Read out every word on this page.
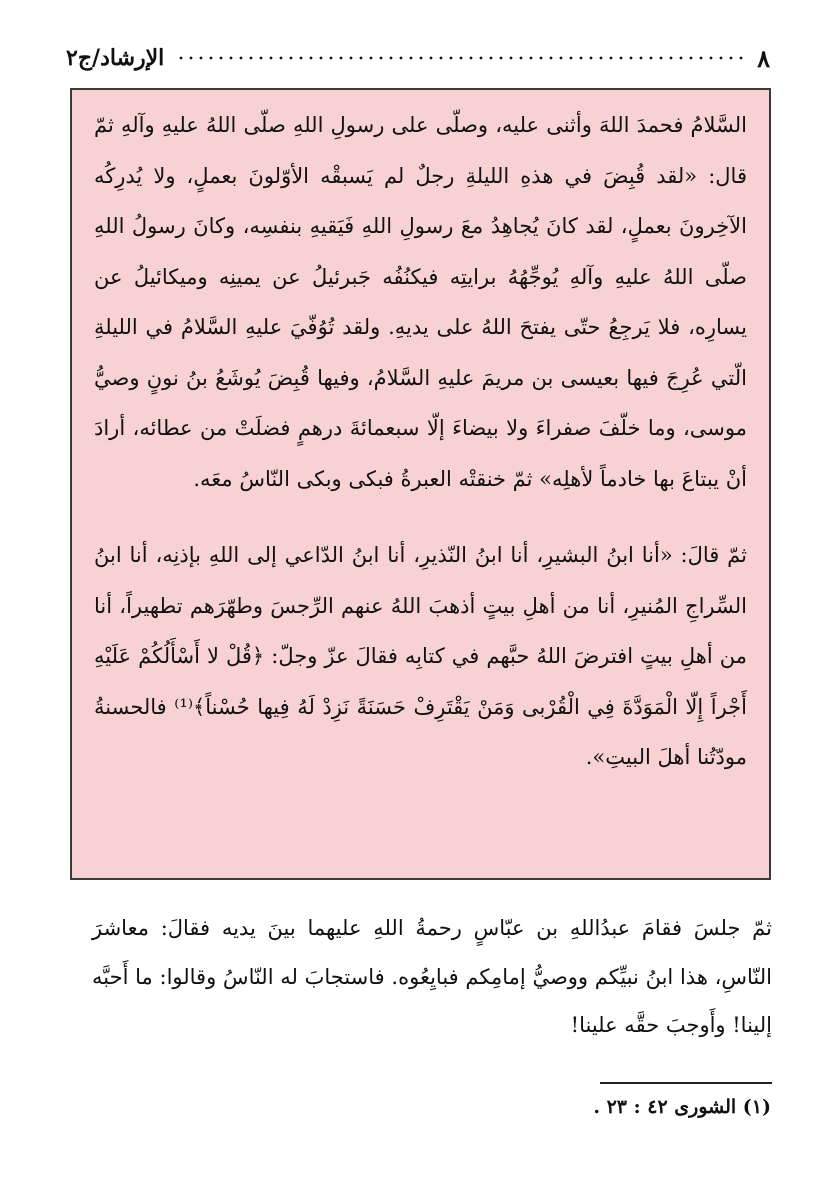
٨
الإرشاد/ج٢

السَّلامُ فحمدَ اللهَ وأثنى عليه، وصلّى على رسولِ اللهِ صلّى اللهُ عليهِ وآلهِ ثمّ قال: «لقد قُبِضَ في هذهِ الليلةِ رجلٌ لم يَسبقْه الأوّلونَ بعملٍ، ولا يُدرِكُه الآخِرونَ بعملٍ، لقد كانَ يُجاهِدُ معَ رسولِ اللهِ فَيَقيهِ بنفسِه، وكانَ رسولُ اللهِ صلّى اللهُ عليهِ وآلهِ يُوجِّهُهُ برايتِه فيكنُفُه جَبرئيلُ عن يمينِه وميكائيلُ عن يسارِه، فلا يَرجِعُ حتّى يفتحَ اللهُ على يديهِ. ولقد تُوُفّيَ عليهِ السَّلامُ في الليلةِ الّتي عُرِجَ فيها بعيسى بن مريمَ عليهِ السَّلامُ، وفيها قُبِضَ يُوشَعُ بنُ نونٍ وصيُّ موسى، وما خلّفَ صفراءَ ولا بيضاءَ إلّا سبعمائةَ درهمٍ فضلَتْ من عطائه، أرادَ أنْ يبتاعَ بها خادماً لأهلِه» ثمّ خنقتْه العبرةُ فبكى وبكى النّاسُ معَه.

ثمّ قالَ: «أنا ابنُ البشيرِ، أنا ابنُ النّذيرِ، أنا ابنُ الدّاعي إلى اللهِ بإذنِه، أنا ابنُ السِّراجِ المُنيرِ، أنا من أهلِ بيتٍ أذهبَ اللهُ عنهم الرِّجسَ وطهّرَهم تطهيراً، أنا من أهلِ بيتٍ افترضَ اللهُ حبَّهم في كتابِه فقالَ عزّ وجلّ: ﴿قُلْ لا أَسْأَلُكُمْ عَلَيْهِ أَجْراً إِلّا الْمَوَدَّةَ فِي الْقُرْبى وَمَنْ يَقْتَرِفْ حَسَنَةً نَزِدْ لَهُ فِيها حُسْناً﴾⁽¹⁾ فالحسنةُ مودّتُنا أهلَ البيتِ».

ثمّ جلسَ فقامَ عبدُاللهِ بن عبّاسٍ رحمةُ اللهِ عليهما بينَ يديه فقالَ: معاشرَ النّاسِ، هذا ابنُ نبيِّكم ووصيُّ إمامِكم فبايِعُوه. فاستجابَ له النّاسُ وقالوا: ما أَحبَّه إلينا! وأَوجبَ حقَّه علينا!

(١) الشورى ٤٢ : ٢٣ .
